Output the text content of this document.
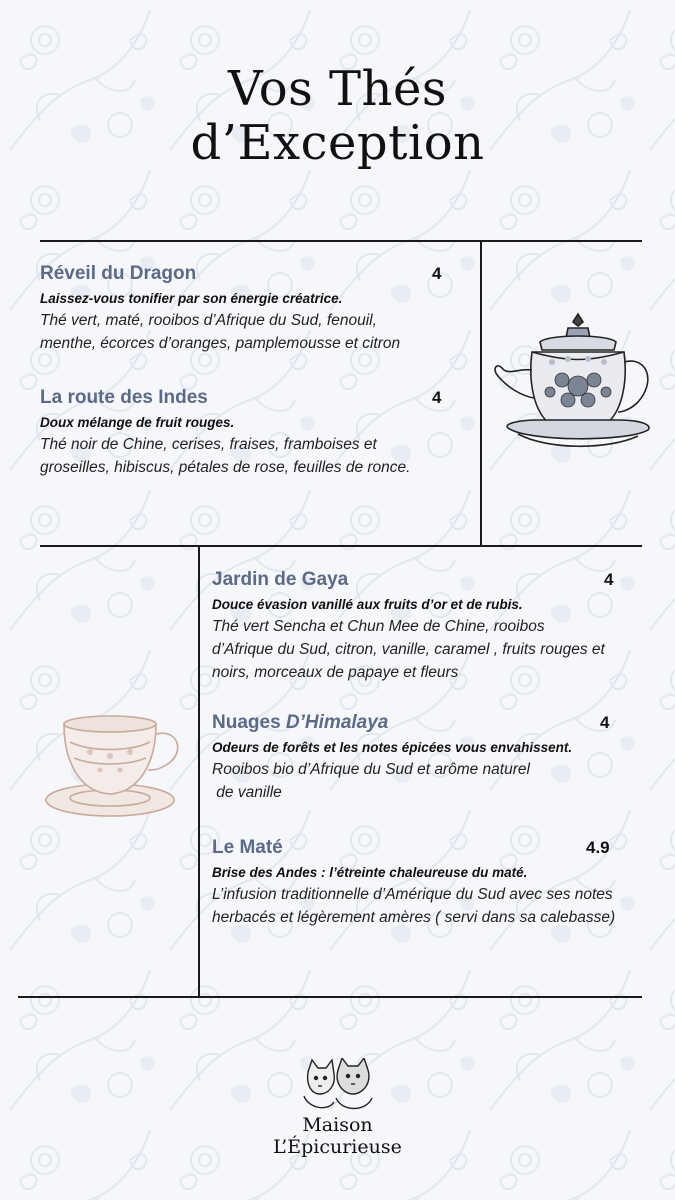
Vos Thés
d’Exception
Réveil du Dragon	4
Laissez-vous tonifier par son énergie créatrice.
Thé vert, maté, rooibos d’Afrique du Sud, fenouil,
menthe, écorces d’oranges, pamplemousse et citron
La route des Indes	4
Doux mélange de fruit rouges.
Thé noir de Chine, cerises, fraises, framboises et
groseilles, hibiscus, pétales de rose, feuilles de ronce.
Jardin de Gaya	4
Douce évasion vanillé aux fruits d’or et de rubis.
Thé vert Sencha et Chun Mee de Chine, rooibos
d’Afrique du Sud, citron, vanille, caramel , fruits rouges et
noirs, morceaux de papaye et fleurs
Nuages D’Himalaya	4
Odeurs de forêts et les notes épicées vous envahissent.
Rooibos bio d’Afrique du Sud et arôme naturel
de vanille
Le Maté	4.9
Brise des Andes : l’étreinte chaleureuse du maté.
L’infusion traditionnelle d’Amérique du Sud avec ses notes
herbacés et légèrement amères ( servi dans sa calebasse)
Maison
L’Épicurieuse
